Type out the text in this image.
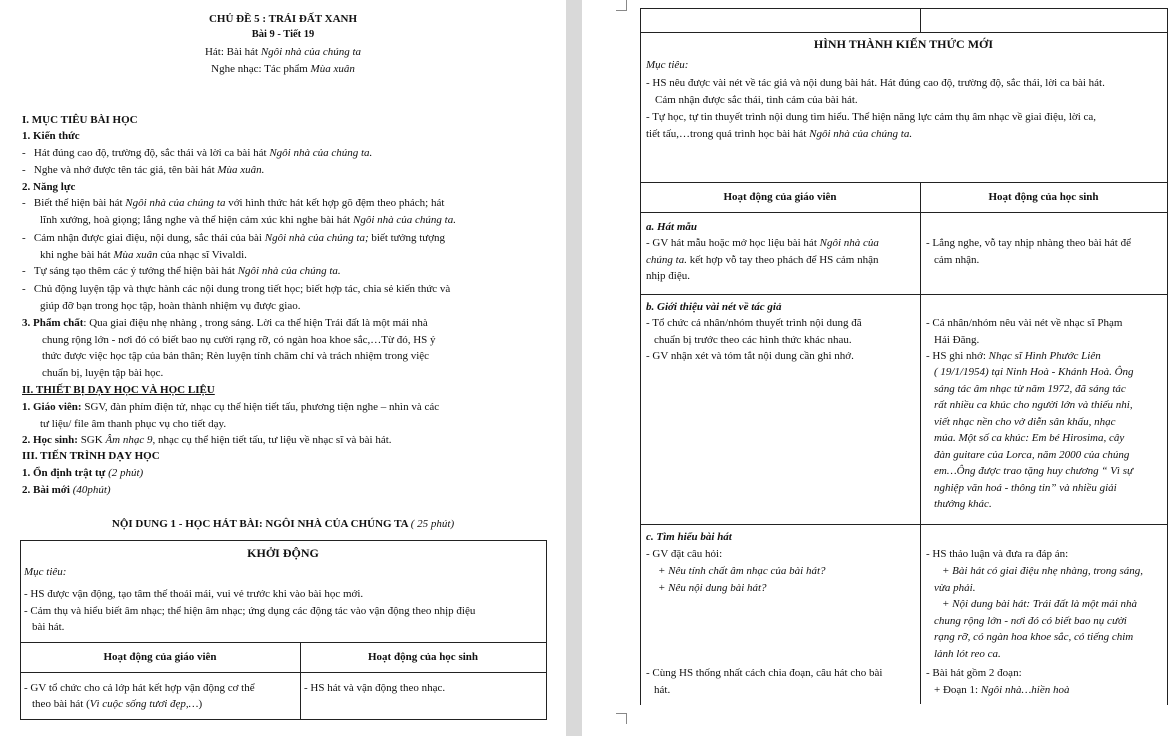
CHỦ ĐỀ 5 : TRÁI ĐẤT XANH
Bài 9 - Tiết 19
Hát: Bài hát Ngôi nhà của chúng ta
Nghe nhạc: Tác phẩm Mùa xuân
I. MỤC TIÊU BÀI HỌC
1. Kiến thức
-   Hát đúng cao độ, trường độ, sắc thái và lời ca bài hát Ngôi nhà của chúng ta.
-   Nghe và nhớ được tên tác giả, tên bài hát Mùa xuân.
2. Năng lực
-   Biết thể hiện bài hát Ngôi nhà của chúng ta với hình thức hát kết hợp gõ đệm theo phách; hát
lĩnh xướng, hoà giọng; lắng nghe và thể hiện cảm xúc khi nghe bài hát Ngôi nhà của chúng ta.
-   Cảm nhận được giai điệu, nội dung, sắc thái của bài Ngôi nhà của chúng ta; biết tưởng tượng
khi nghe bài hát Mùa xuân của nhạc sĩ Vivaldi.
-   Tự sáng tạo thêm các ý tưởng thể hiện bài hát Ngôi nhà của chúng ta.
-   Chủ động luyện tập và thực hành các nội dung trong tiết học; biết hợp tác, chia sẻ kiến thức và
giúp đỡ bạn trong học tập, hoàn thành nhiệm vụ được giao.
3. Phẩm chất: Qua giai điệu nhẹ nhàng , trong sáng. Lời ca thể hiện Trái đất là một mái nhà
chung rộng lớn - nơi đó có biết bao nụ cười rạng rỡ, có ngàn hoa khoe sắc,…Từ đó, HS ý
thức được việc học tập của bản thân; Rèn luyện tính chăm chỉ và trách nhiệm trong việc
chuẩn bị, luyện tập bài học.
II. THIẾT BỊ DẠY HỌC VÀ HỌC LIỆU
1. Giáo viên: SGV, đàn phím điện tử, nhạc cụ thể hiện tiết tấu, phương tiện nghe – nhìn và các
tư liệu/ file âm thanh phục vụ cho tiết dạy.
2. Học sinh: SGK Âm nhạc 9, nhạc cụ thể hiện tiết tấu, tư liệu về nhạc sĩ và bài hát.
III. TIẾN TRÌNH DẠY HỌC
1. Ổn định trật tự (2 phút)
2. Bài mới (40phút)
NỘI DUNG 1 - HỌC HÁT BÀI: NGÔI NHÀ CỦA CHÚNG TA ( 25 phút)
KHỞI ĐỘNG
Mục tiêu:
- HS được vận động, tạo tâm thế thoải mái, vui vẻ trước khi vào bài học mới.
- Cảm thụ và hiểu biết âm nhạc; thể hiện âm nhạc; ứng dụng các động tác vào vận động theo nhịp điệu
bài hát.
Hoạt động của giáo viên	Hoạt động của học sinh
- GV tổ chức cho cả lớp hát kết hợp vận động cơ thể
theo bài hát (Vì cuộc sống tươi đẹp,…)
- HS hát và vận động theo nhạc.
HÌNH THÀNH KIẾN THỨC MỚI
Mục tiêu:
- HS nêu được vài nét về tác giả và nội dung bài hát. Hát đúng cao độ, trường độ, sắc thái, lời ca bài hát.
Cảm nhận được sắc thái, tình cảm của bài hát.
- Tự học, tự tin thuyết trình nội dung tìm hiểu. Thể hiện năng lực cảm thụ âm nhạc về giai điệu, lời ca,
tiết tấu,…trong quá trình học bài hát Ngôi nhà của chúng ta.
Hoạt động của giáo viên	Hoạt động của học sinh
a. Hát mẫu
- GV hát mẫu hoặc mở học liệu bài hát Ngôi nhà của
chúng ta. kết hợp vỗ tay theo phách để HS cảm nhận
nhịp điệu.
- Lắng nghe, vỗ tay nhịp nhàng theo bài hát để
cảm nhận.
b. Giới thiệu vài nét về tác giả
- Tổ chức cá nhân/nhóm thuyết trình nội dung đã
chuẩn bị trước theo các hình thức khác nhau.
- GV nhận xét và tóm tắt nội dung cần ghi nhớ.
- Cá nhân/nhóm nêu vài nét về nhạc sĩ Phạm
Hải Đăng.
- HS ghi nhớ: Nhạc sĩ Hình Phước Liên

( 19/1/1954) tại Ninh Hoà - Khánh Hoà. Ông

sáng tác âm nhạc từ năm 1972, đã sáng tác

rất nhiều ca khúc cho người lớn và thiếu nhi,

viết nhạc nền cho vở diễn sân khấu, nhạc

múa. Một số ca khúc: Em bé Hirosima, cây

đàn guitare của Lorca, năm 2000 của chúng

em…Ông được trao tặng huy chương “ Vì sự

nghiệp văn hoá - thông tin” và nhiều giải

thưởng khác.

c. Tìm hiểu bài hát
- GV đặt câu hỏi:
+ Nêu tính chất âm nhạc của bài hát?
+ Nêu nội dung bài hát?
- HS thảo luận và đưa ra đáp án:

+ Bài hát có giai điệu nhẹ nhàng, trong sáng,

vừa phải.

+ Nội dung bài hát: Trái đất là một mái nhà

chung rộng lớn - nơi đó có biết bao nụ cười

rạng rỡ, có ngàn hoa khoe sắc, có tiếng chim

lảnh lót reo ca.

- Cùng HS thống nhất cách chia đoạn, câu hát cho bài
hát.
- Bài hát gồm 2 đoạn:
+ Đoạn 1: Ngôi nhà…hiền hoà
